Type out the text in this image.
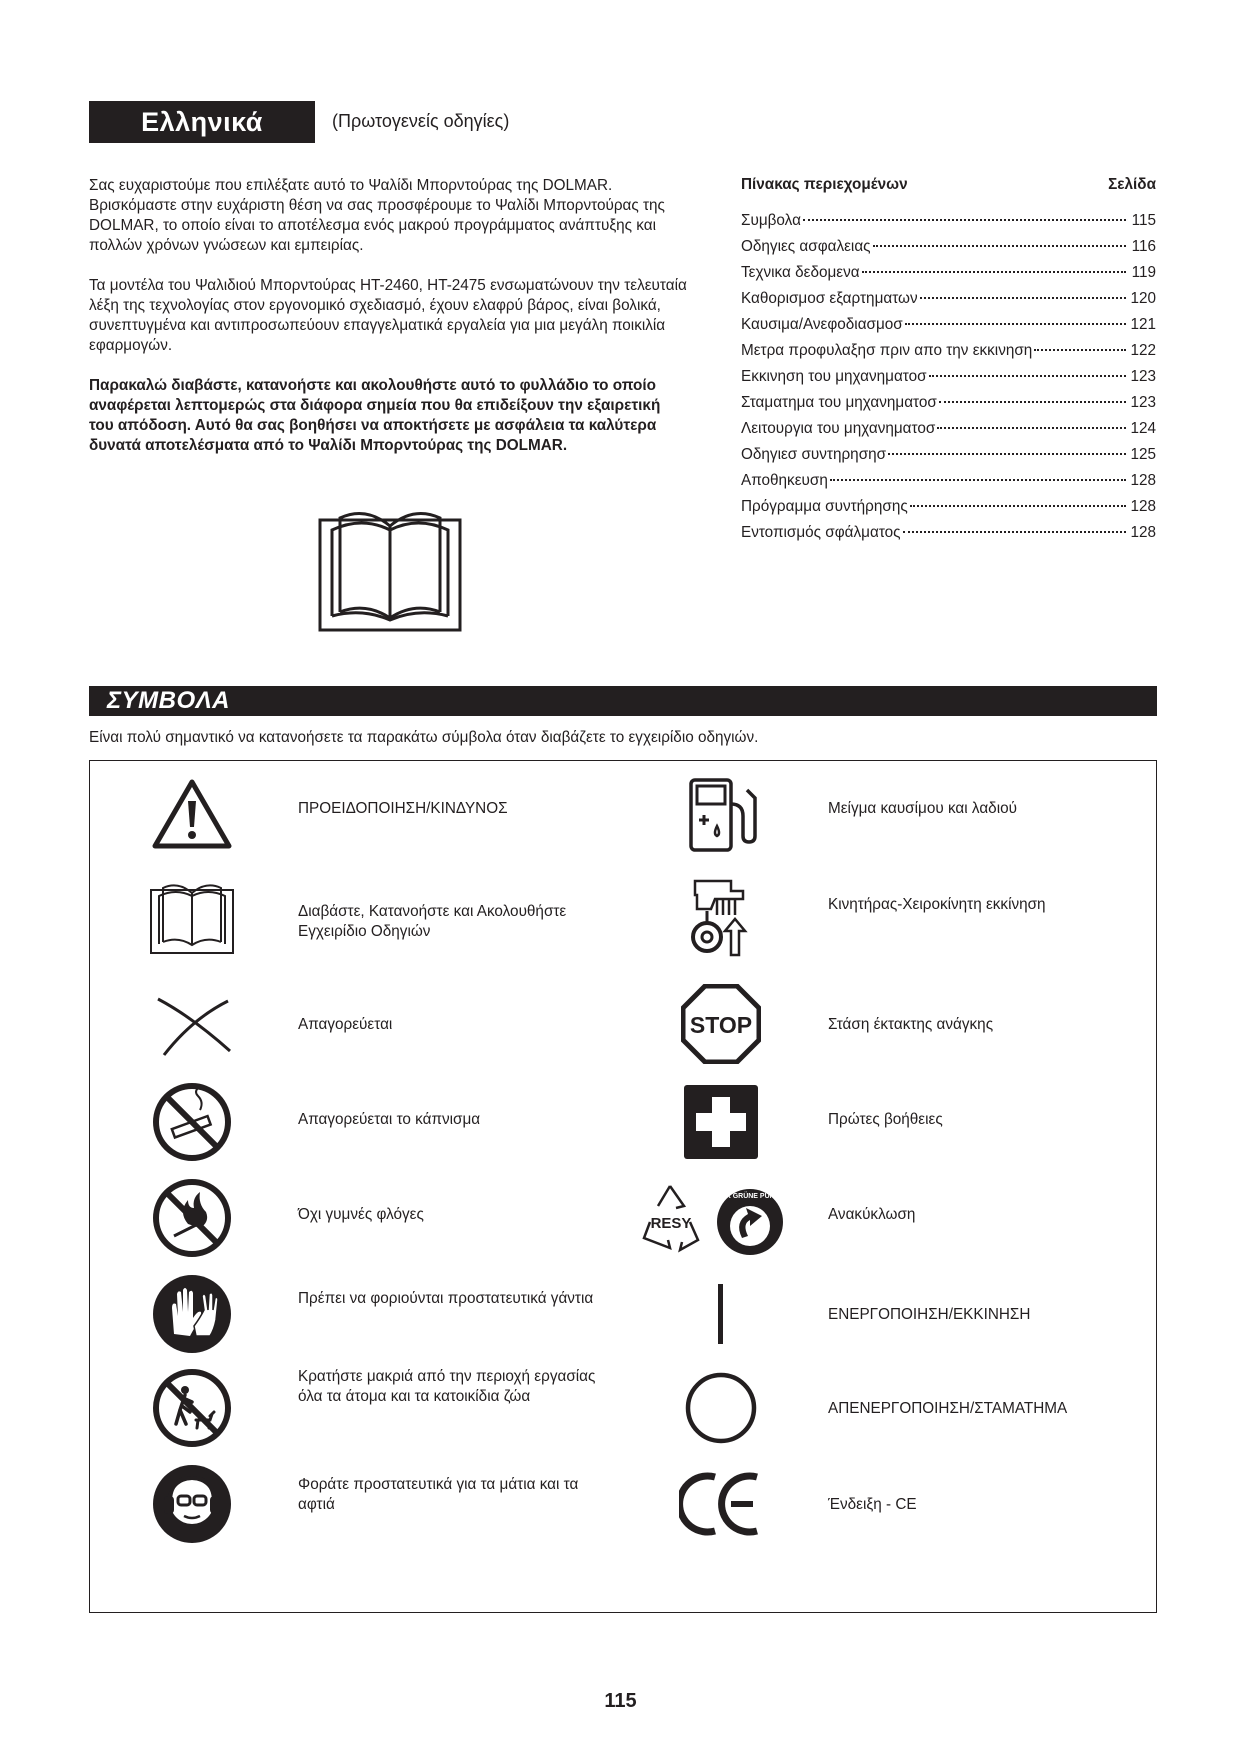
Ελληνικά	(Πρωτογενείς οδηγίες)

Σας ευχαριστούμε που επιλέξατε αυτό το Ψαλίδι Μπορντούρας της DOLMAR. Βρισκόμαστε στην ευχάριστη θέση να σας προσφέρουμε το Ψαλίδι Μπορντούρας της DOLMAR, το οποίο είναι το αποτέλεσμα ενός μακρού προγράμματος ανάπτυξης και πολλών χρόνων γνώσεων και εμπειρίας.

Τα μοντέλα του Ψαλιδιού Μπορντούρας HT-2460, HT-2475 ενσωματώνουν την τελευταία λέξη της τεχνολογίας στον εργονομικό σχεδιασμό, έχουν ελαφρύ βάρος, είναι βολικά, συνεπτυγμένα και αντιπροσωπεύουν επαγγελματικά εργαλεία για μια μεγάλη ποικιλία εφαρμογών.

Παρακαλώ διαβάστε, κατανοήστε και ακολουθήστε αυτό το φυλλάδιο το οποίο αναφέρεται λεπτομερώς στα διάφορα σημεία που θα επιδείξουν την εξαιρετική του απόδοση. Αυτό θα σας βοηθήσει να αποκτήσετε με ασφάλεια τα καλύτερα δυνατά αποτελέσματα από το Ψαλίδι Μπορντούρας της DOLMAR.

Πίνακας περιεχομένων	Σελίδα
Συμβολα	115
Οδηγιες ασφαλειας	116
Τεχνικα δεδομενα	119
Καθορισμοσ εξαρτηματων	120
Καυσιμα/Ανεφοδιασμοσ	121
Μετρα προφυλαξησ πριν απο την εκκινηση	122
Εκκινηση του μηχανηματοσ	123
Σταματημα του μηχανηματοσ	123
Λειτουργια του μηχανηματοσ	124
Οδηγιεσ συντηρησησ	125
Αποθηκευση	128
Πρόγραμμα συντήρησης	128
Εντοπισμός σφάλματος	128
ΣΥΜΒΟΛΑ
Είναι πολύ σημαντικό να κατανοήσετε τα παρακάτω σύμβολα όταν διαβάζετε το εγχειρίδιο οδηγιών.
ΠΡΟΕΙΔΟΠΟΙΗΣΗ/ΚΙΝΔΥΝΟΣ
Διαβάστε, Κατανοήστε και Ακολουθήστε Εγχειρίδιο Οδηγιών
Απαγορεύεται
Απαγορεύεται το κάπνισμα
Όχι γυμνές φλόγες
Πρέπει να φοριούνται προστατευτικά γάντια
Κρατήστε μακριά από την περιοχή εργασίας όλα τα άτομα και τα κατοικίδια ζώα
Φοράτε προστατευτικά για τα μάτια και τα αφτιά
Μείγμα καυσίμου και λαδιού
Κινητήρας-Χειροκίνητη εκκίνηση
STOP	Στάση έκτακτης ανάγκης
Πρώτες βοήθειες
RESY
DER GRÜNE PUNKT
Ανακύκλωση
ΕΝΕΡΓΟΠΟΙΗΣΗ/ΕΚΚΙΝΗΣΗ
ΑΠΕΝΕΡΓΟΠΟΙΗΣΗ/ΣΤΑΜΑΤΗΜΑ
Ένδειξη - CE
115
